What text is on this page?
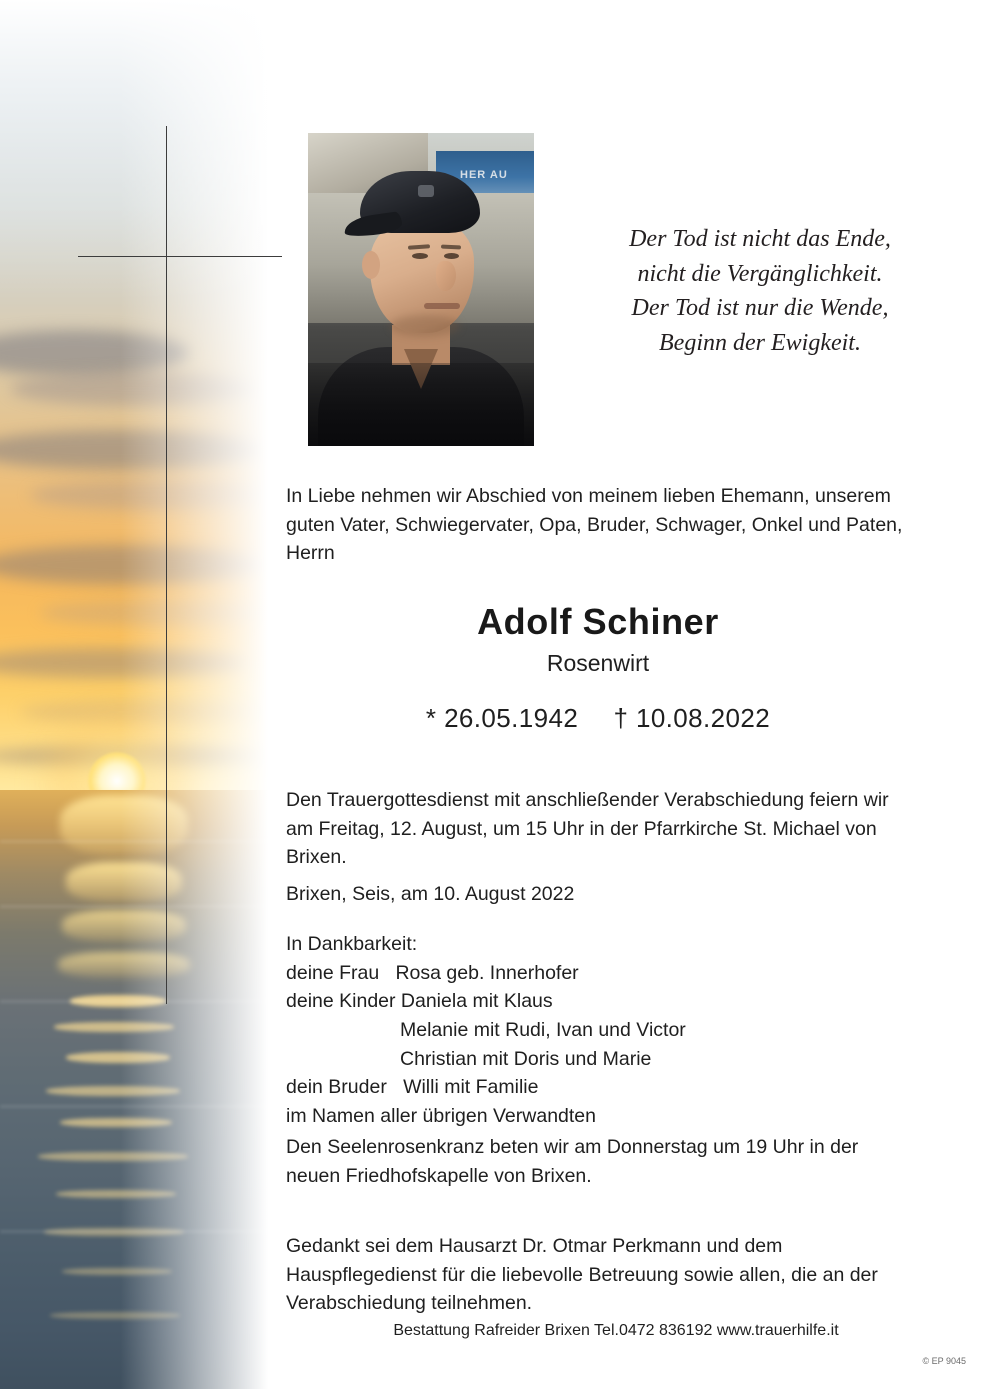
HER AU
Der Tod ist nicht das Ende,
nicht die Vergänglichkeit.
Der Tod ist nur die Wende,
Beginn der Ewigkeit.
In Liebe nehmen wir Abschied von meinem lieben Ehemann, unserem guten Vater, Schwiegervater, Opa, Bruder, Schwager, Onkel und Paten, Herrn
Adolf Schiner
Rosenwirt
* 26.05.1942 † 10.08.2022
Den Trauergottesdienst mit anschließender Verabschiedung feiern wir am Freitag, 12. August, um 15 Uhr in der Pfarrkirche St. Michael von Brixen.
Brixen, Seis, am 10. August 2022
In Dankbarkeit:
deine Frau   Rosa geb. Innerhofer
deine Kinder Daniela mit Klaus
Melanie mit Rudi, Ivan und Victor
Christian mit Doris und Marie
dein Bruder   Willi mit Familie
im Namen aller übrigen Verwandten
Den Seelenrosenkranz beten wir am Donnerstag um 19 Uhr in der neuen Friedhofskapelle von Brixen.
Gedankt sei dem Hausarzt Dr. Otmar Perkmann und dem Hauspflegedienst für die liebevolle Betreuung sowie allen, die an der Verabschiedung teilnehmen.
Bestattung Rafreider Brixen Tel.0472 836192 www.trauerhilfe.it
© EP 9045
